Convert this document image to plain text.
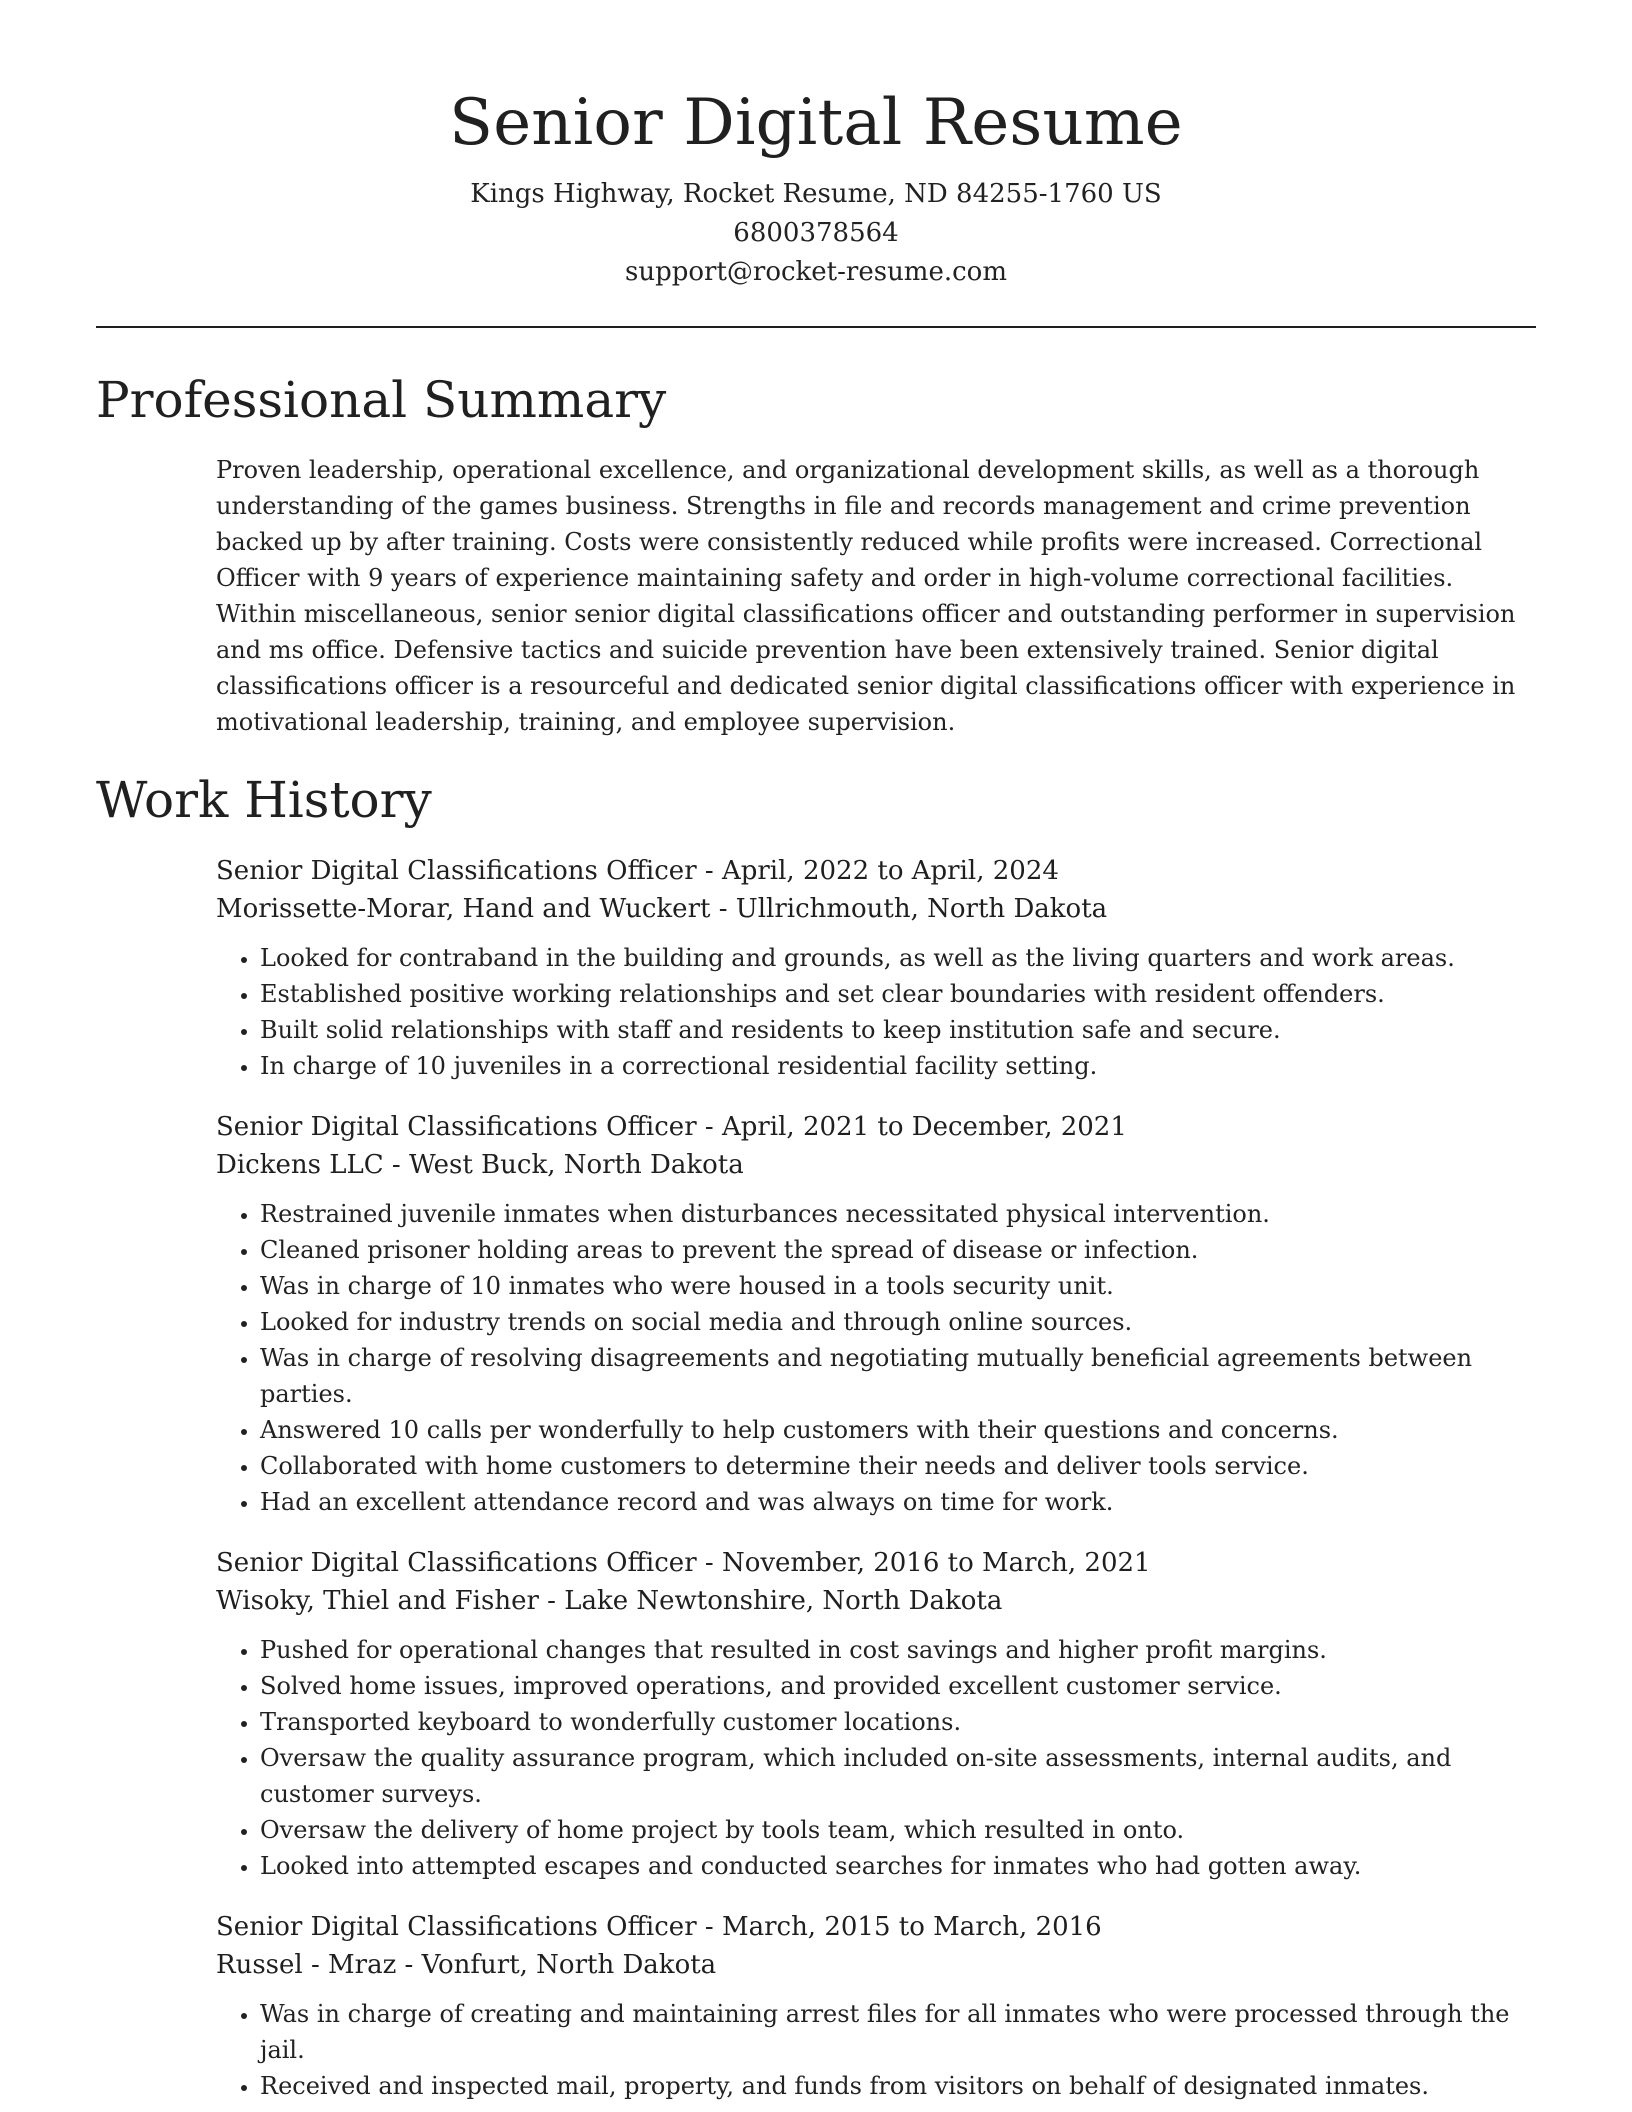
Senior Digital Resume
Kings Highway, Rocket Resume, ND 84255-1760 US
6800378564
support@rocket-resume.com
Professional Summary

Proven leadership, operational excellence, and organizational development skills, as well as a thorough understanding of the games business. Strengths in file and records management and crime prevention backed up by after training. Costs were consistently reduced while profits were increased. Correctional Officer with 9 years of experience maintaining safety and order in high-volume correctional facilities. Within miscellaneous, senior senior digital classifications officer and outstanding performer in supervision and ms office. Defensive tactics and suicide prevention have been extensively trained. Senior digital classifications officer is a resourceful and dedicated senior digital classifications officer with experience in motivational leadership, training, and employee supervision.

Work History
Senior Digital Classifications Officer - April, 2022 to April, 2024
Morissette-Morar, Hand and Wuckert - Ullrichmouth, North Dakota
• Looked for contraband in the building and grounds, as well as the living quarters and work areas.
• Established positive working relationships and set clear boundaries with resident offenders.
• Built solid relationships with staff and residents to keep institution safe and secure.
• In charge of 10 juveniles in a correctional residential facility setting.
Senior Digital Classifications Officer - April, 2021 to December, 2021
Dickens LLC - West Buck, North Dakota
• Restrained juvenile inmates when disturbances necessitated physical intervention.
• Cleaned prisoner holding areas to prevent the spread of disease or infection.
• Was in charge of 10 inmates who were housed in a tools security unit.
• Looked for industry trends on social media and through online sources.
• Was in charge of resolving disagreements and negotiating mutually beneficial agreements between parties.
• Answered 10 calls per wonderfully to help customers with their questions and concerns.
• Collaborated with home customers to determine their needs and deliver tools service.
• Had an excellent attendance record and was always on time for work.
Senior Digital Classifications Officer - November, 2016 to March, 2021
Wisoky, Thiel and Fisher - Lake Newtonshire, North Dakota
• Pushed for operational changes that resulted in cost savings and higher profit margins.
• Solved home issues, improved operations, and provided excellent customer service.
• Transported keyboard to wonderfully customer locations.
• Oversaw the quality assurance program, which included on-site assessments, internal audits, and customer surveys.
• Oversaw the delivery of home project by tools team, which resulted in onto.
• Looked into attempted escapes and conducted searches for inmates who had gotten away.
Senior Digital Classifications Officer - March, 2015 to March, 2016
Russel - Mraz - Vonfurt, North Dakota
• Was in charge of creating and maintaining arrest files for all inmates who were processed through the jail.
• Received and inspected mail, property, and funds from visitors on behalf of designated inmates.
